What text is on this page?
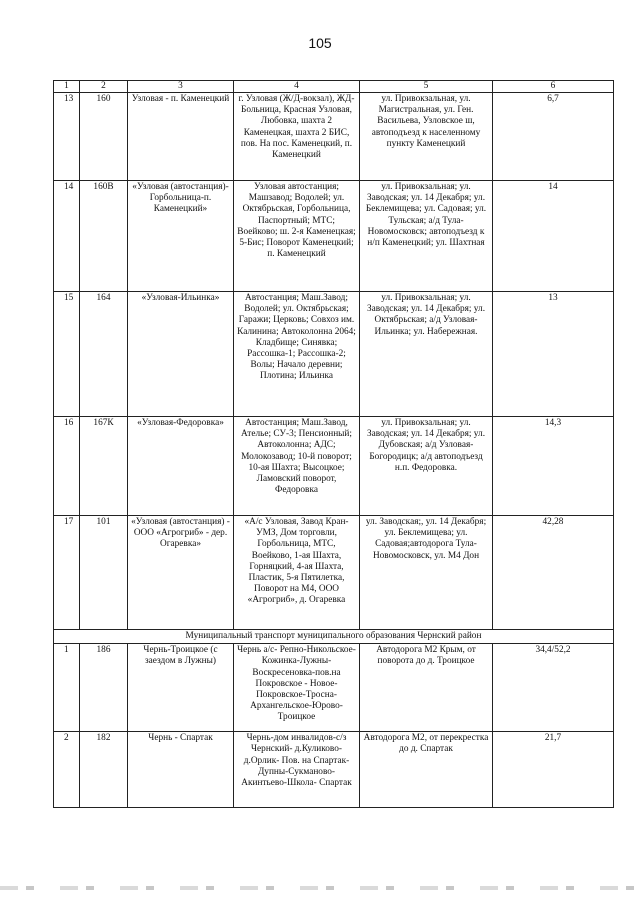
105
1	2	3	4	5	6
13	160	Узловая - п. Каменецкий	г. Узловая (Ж/Д-вокзал), ЖД-Больница, Красная Узловая, Любовка, шахта 2 Каменецкая, шахта 2 БИС, пов. На пос. Каменецкий, п. Каменецкий	ул. Привокзальная, ул. Магистральная, ул. Ген. Васильева, Узловское ш, автоподъезд к населенному пункту Каменецкий	6,7
14	160В	«Узловая (автостанция)-Горбольница-п. Каменецкий»	Узловая автостанция; Машзавод; Водолей; ул. Октябрьская, Горбольница, Паспортный; МТС; Воейково; ш. 2-я Каменецкая; 5-Бис; Поворот Каменецкий; п. Каменецкий	ул. Привокзальная; ул. Заводская; ул. 14 Декабря; ул. Беклемищева; ул. Садовая; ул. Тульская; а/д Тула-Новомосковск; автоподъезд к н/п Каменецкий; ул. Шахтная	14
15	164	«Узловая-Ильинка»	Автостанция; Маш.Завод; Водолей; ул. Октябрьская; Гаражи; Церковь; Совхоз им. Калинина; Автоколонна 2064; Кладбище; Синявка; Рассошка-1; Рассошка-2; Волы; Начало деревни; Плотина; Ильинка	ул. Привокзальная; ул. Заводская; ул. 14 Декабря; ул. Октябрьская; а/д Узловая-Ильинка; ул. Набережная.	13
16	167К	«Узловая-Федоровка»	Автостанция; Маш.Завод, Ателье; СУ-3; Пенсионный; Автоколонна; АДС; Молокозавод; 10-й поворот; 10-ая Шахта; Высоцкое; Ламовский поворот, Федоровка	ул. Привокзальная; ул. Заводская; ул. 14 Декабря; ул. Дубовская; а/д Узловая-Богородицк; а/д автоподъезд н.п. Федоровка.	14,3
17	101	«Узловая (автостанция) - ООО «Агрогриб» - дер. Огаревка»	«А/с Узловая, Завод Кран-УМЗ, Дом торговли, Горбольница, МТС, Воейково, 1-ая Шахта, Горняцкий, 4-ая Шахта, Пластик, 5-я Пятилетка, Поворот на М4, ООО «Агрогриб», д. Огаревка	ул. Заводская;, ул. 14 Декабря; ул. Беклемищева; ул. Садовая;автодорога Тула-Новомосковск, ул. М4 Дон	42,28
Муниципальный транспорт муниципального образования Чернский район					
1	186	Чернь-Троицкое (с заездом в Лужны)	Чернь а/с- Репно-Никольское- Кожинка-Лужны-Воскресеновка-пов.на Покровское - Новое-Покровское-Тросна- Архангельское-Юрово- Троицкое	Автодорога М2 Крым, от поворота до д. Троицкое	34,4/52,2
2	182	Чернь - Спартак	Чернь-дом инвалидов-с/з Чернский- д.Куликово-д.Орлик- Пов. на Спартак- Дупны-Сукманово- Акинтьево-Школа- Спартак	Автодорога М2, от перекрестка до д. Спартак	21,7
